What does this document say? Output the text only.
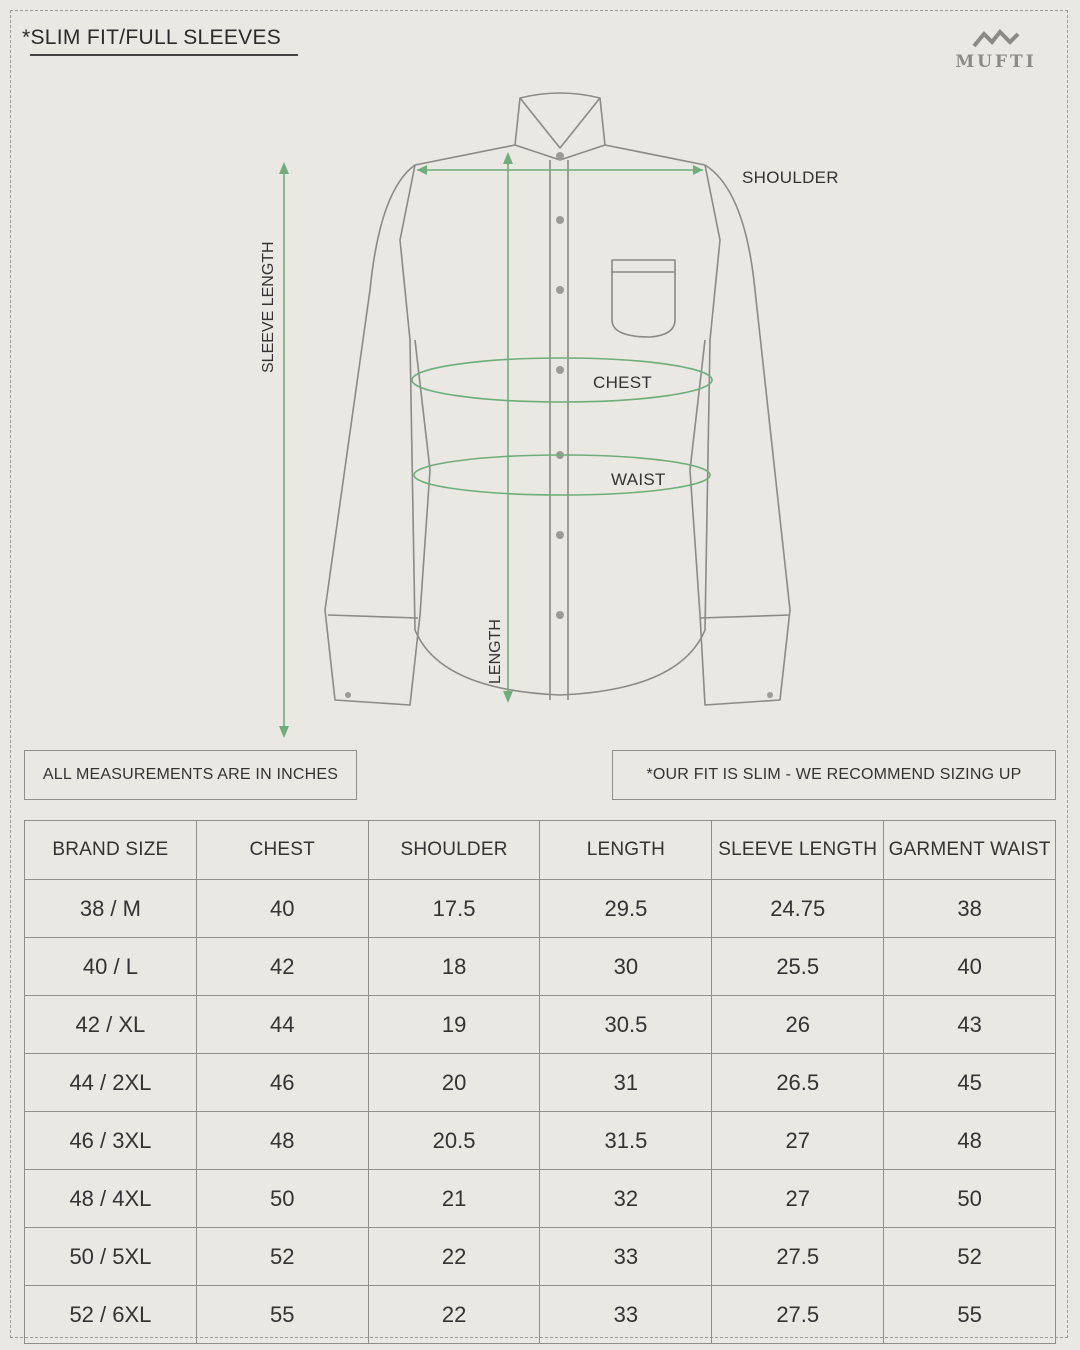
*SLIM FIT/FULL SLEEVES
MUFTI
SHOULDER
CHEST
WAIST
SLEEVE LENGTH
LENGTH
ALL MEASUREMENTS ARE IN INCHES	*OUR FIT IS SLIM - WE RECOMMEND SIZING UP
BRAND SIZE	CHEST	SHOULDER	LENGTH	SLEEVE LENGTH	GARMENT WAIST
38 / M	40	17.5	29.5	24.75	38
40 / L	42	18	30	25.5	40
42 / XL	44	19	30.5	26	43
44 / 2XL	46	20	31	26.5	45
46 / 3XL	48	20.5	31.5	27	48
48 / 4XL	50	21	32	27	50
50 / 5XL	52	22	33	27.5	52
52 / 6XL	55	22	33	27.5	55
